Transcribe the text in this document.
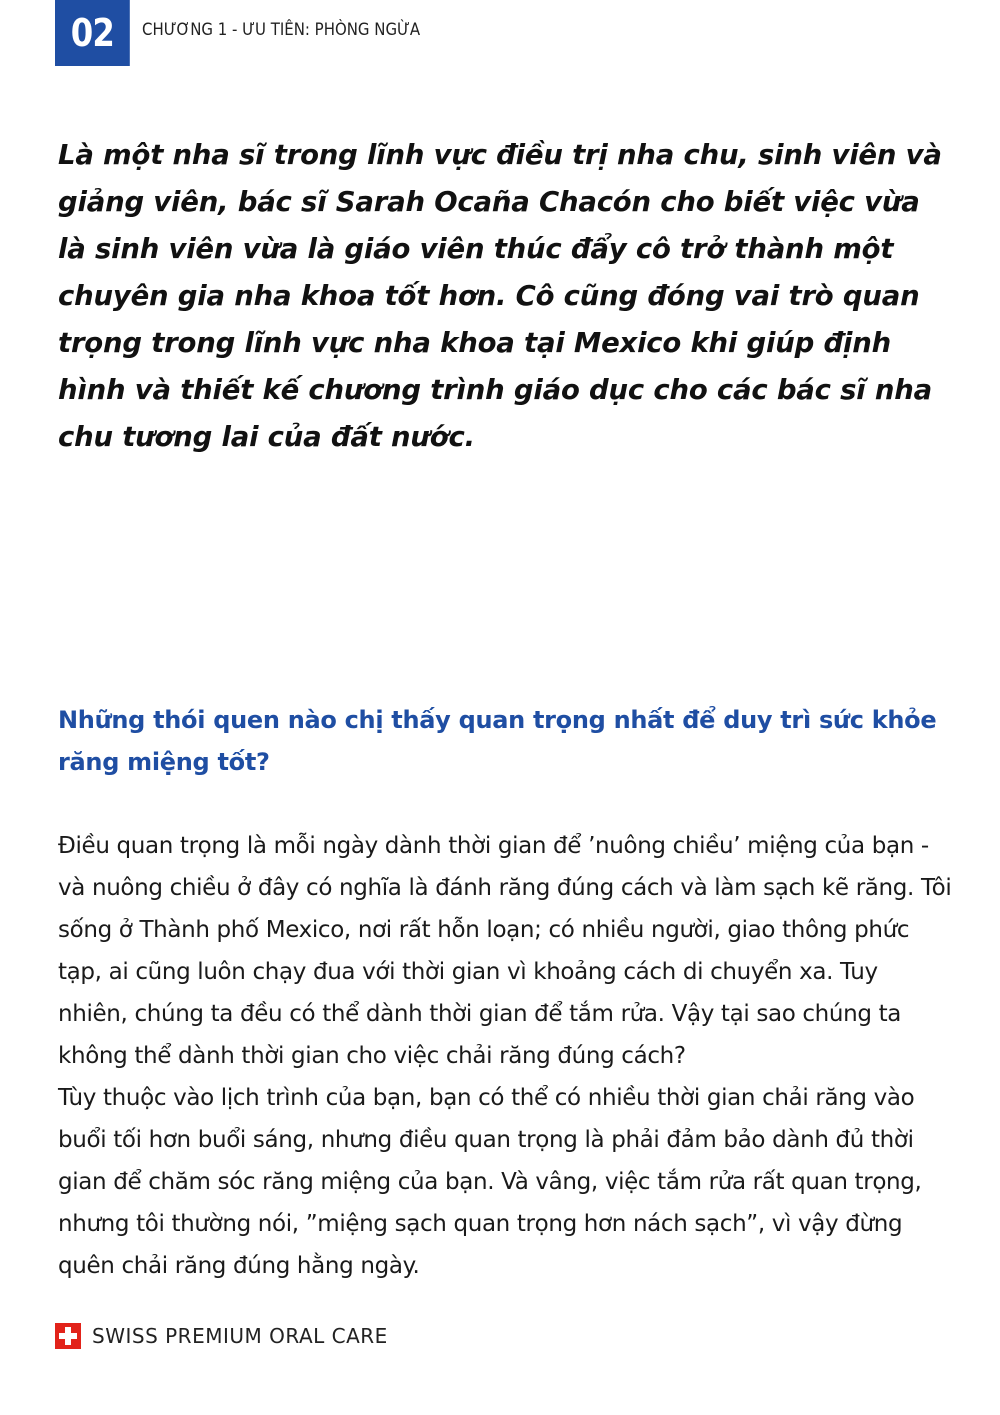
02	CHƯƠNG 1 - ƯU TIÊN: PHÒNG NGỪA

Là một nha sĩ trong lĩnh vực điều trị nha chu, sinh viên và giảng viên, bác sĩ Sarah Ocaña Chacón cho biết việc vừa là sinh viên vừa là giáo viên thúc đẩy cô trở thành một chuyên gia nha khoa tốt hơn. Cô cũng đóng vai trò quan trọng trong lĩnh vực nha khoa tại Mexico khi giúp định hình và thiết kế chương trình giáo dục cho các bác sĩ nha chu tương lai của đất nước.

Những thói quen nào chị thấy quan trọng nhất để duy trì sức khỏe răng miệng tốt?

Điều quan trọng là mỗi ngày dành thời gian để ’nuông chiều’ miệng của bạn - và nuông chiều ở đây có nghĩa là đánh răng đúng cách và làm sạch kẽ răng. Tôi sống ở Thành phố Mexico, nơi rất hỗn loạn; có nhiều người, giao thông phức tạp, ai cũng luôn chạy đua với thời gian vì khoảng cách di chuyển xa. Tuy nhiên, chúng ta đều có thể dành thời gian để tắm rửa. Vậy tại sao chúng ta không thể dành thời gian cho việc chải răng đúng cách?

Tùy thuộc vào lịch trình của bạn, bạn có thể có nhiều thời gian chải răng vào buổi tối hơn buổi sáng, nhưng điều quan trọng là phải đảm bảo dành đủ thời gian để chăm sóc răng miệng của bạn. Và vâng, việc tắm rửa rất quan trọng, nhưng tôi thường nói, ”miệng sạch quan trọng hơn nách sạch”, vì vậy đừng quên chải răng đúng hằng ngày.

SWISS PREMIUM ORAL CARE
